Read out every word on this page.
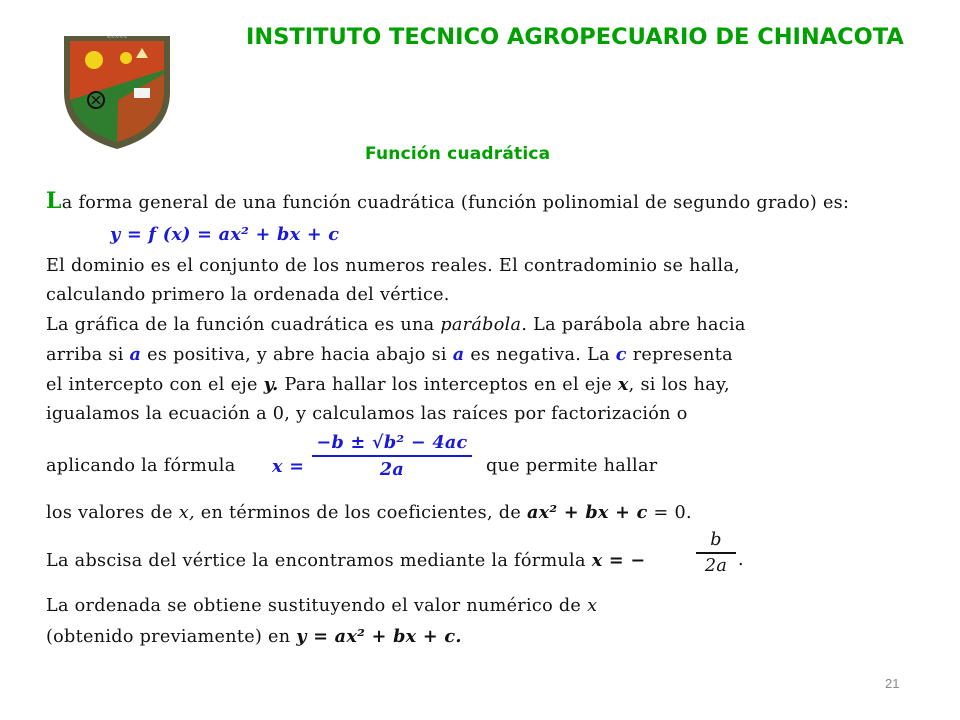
~~~~~	INSTITUTO TECNICO AGROPECUARIO DE CHINACOTA
Función cuadrática
La forma general de una función cuadrática (función polinomial de segundo grado) es:
y = f (x) = ax² + bx + c
El dominio es el conjunto de los numeros reales. El contradominio se halla,
calculando primero la ordenada del vértice.
La gráfica de la función cuadrática es una parábola. La parábola abre hacia
arriba si a es positiva, y abre hacia abajo si a es negativa. La c representa
el intercepto con el eje y. Para hallar los interceptos en el eje x, si los hay,
igualamos la ecuación a 0, y calculamos las raíces por factorización o
aplicando la fórmula x =
−b ± √b² − 4ac
2a	que permite hallar
los valores de x, en términos de los coeficientes, de ax² + bx + c = 0.
La abscisa del vértice la encontramos mediante la fórmula x = −
b
2a .
La ordenada se obtiene sustituyendo el valor numérico de x
(obtenido previamente) en y = ax² + bx + c.
21
